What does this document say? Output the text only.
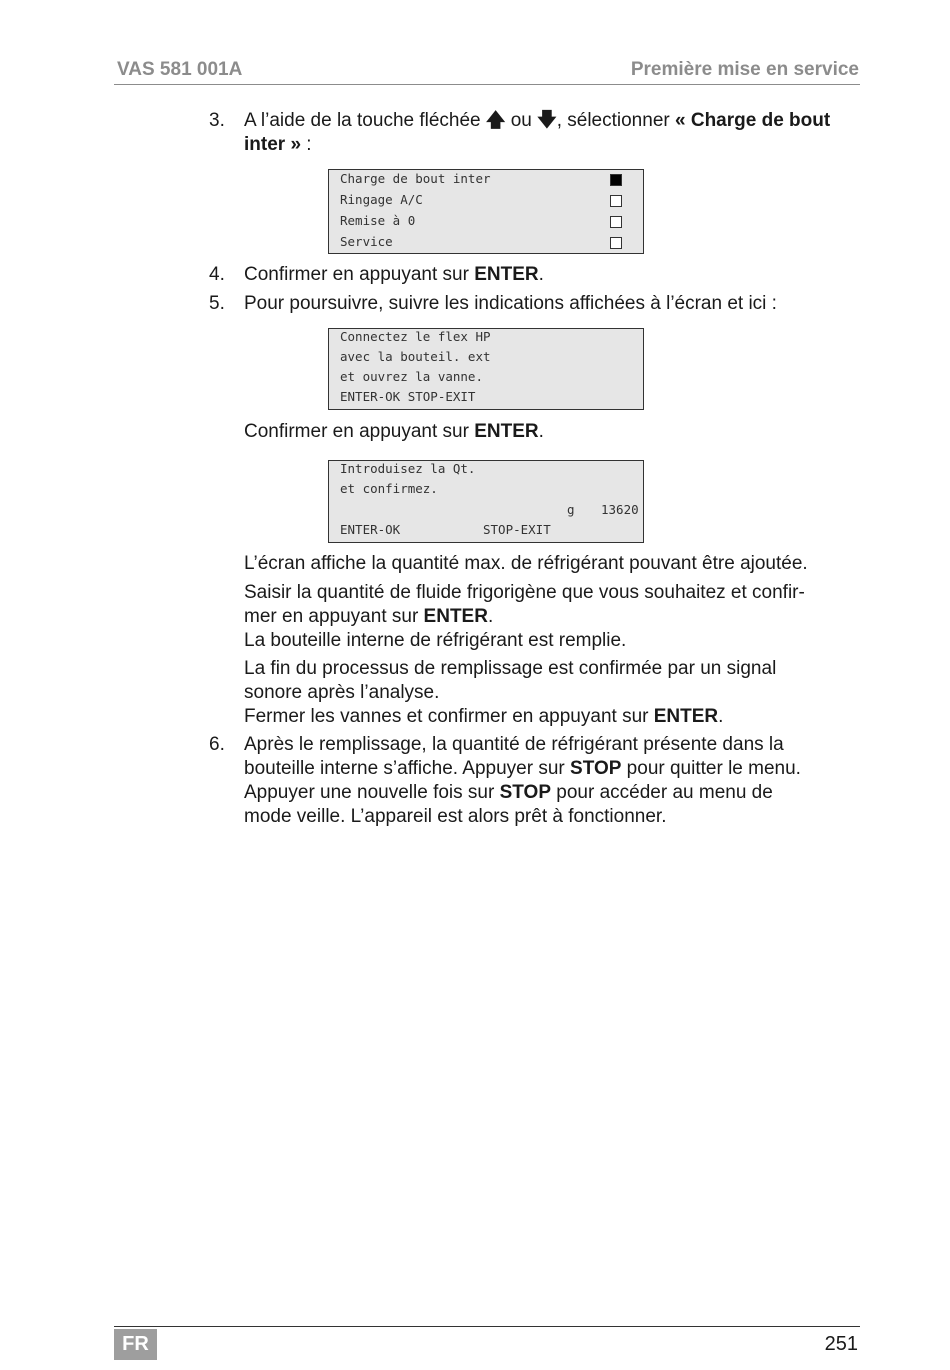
VAS 581 001A	Première mise en service
3. A l’aide de la touche fléchée 🡅 ou 🡇, sélectionner « Charge de bout inter » :

Charge de bout inter
Ringage A/C
Remise à 0
Service
4. Confirmer en appuyant sur ENTER.

5. Pour poursuivre, suivre les indications affichées à l’écran et ici :

Connectez le flex HP
avec la bouteil. ext
et ouvrez la vanne.
ENTER-OK STOP-EXIT

Confirmer en appuyant sur ENTER.

Introduisez la Qt.
et confirmez.
g 13620
ENTER-OK	STOP-EXIT

L’écran affiche la quantité max. de réfrigérant pouvant être ajoutée.

Saisir la quantité de fluide frigorigène que vous souhaitez et confir-
mer en appuyant sur ENTER.
La bouteille interne de réfrigérant est remplie.
La fin du processus de remplissage est confirmée par un signal
sonore après l’analyse.
Fermer les vannes et confirmer en appuyant sur ENTER.
6. Après le remplissage, la quantité de réfrigérant présente dans la
bouteille interne s’affiche. Appuyer sur STOP pour quitter le menu.
Appuyer une nouvelle fois sur STOP pour accéder au menu de
mode veille. L’appareil est alors prêt à fonctionner.
FR	251
